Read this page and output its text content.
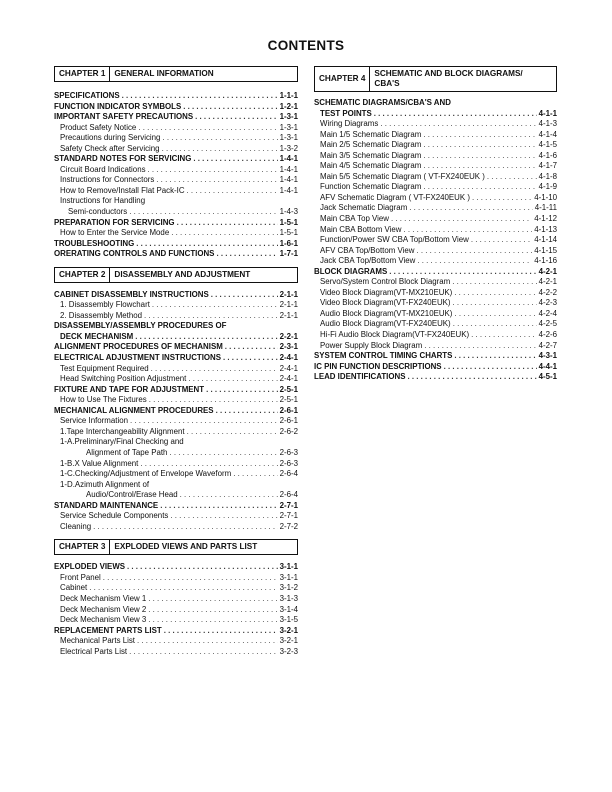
CONTENTS
CHAPTER 1	GENERAL INFORMATION
SPECIFICATIONS . . .	1-1-1
FUNCTION INDICATOR SYMBOLS . . .	1-2-1
IMPORTANT SAFETY PRECAUTIONS . . .	1-3-1
Product Safety Notice . . .	1-3-1
Precautions during Servicing . . .	1-3-1
Safety Check after Servicing . . .	1-3-2
STANDARD NOTES FOR SERVICING . . .	1-4-1
Circuit Board Indications . . .	1-4-1
Instructions for Connectors . . .	1-4-1
How to Remove/Install Flat Pack-IC . . .	1-4-1
Instructions for Handling
Semi-conductors . . .	1-4-3
PREPARATION FOR SERVICING . . .	1-5-1
How to Enter the Service Mode . . .	1-5-1
TROUBLESHOOTING . . .	1-6-1
ORERATING CONTROLS AND FUNCTIONS . . .	1-7-1
CHAPTER 2	DISASSEMBLY AND ADJUSTMENT
CABINET DISASSEMBLY INSTRUCTIONS . . .	2-1-1
1. Disassembly Flowchart . . .	2-1-1
2. Disassembly Method . . .	2-1-1
DISASSEMBLY/ASSEMBLY PROCEDURES OF
DECK MECHANISM . . .	2-2-1
ALIGNMENT PROCEDURES OF MECHANISM . . .	2-3-1
ELECTRICAL ADJUSTMENT INSTRUCTIONS . . .	2-4-1
Test Equipment Required . . .	2-4-1
Head Switching Position Adjustment . . .	2-4-1
FIXTURE AND TAPE FOR ADJUSTMENT . . .	2-5-1
How to Use The Fixtures . . .	2-5-1
MECHANICAL ALIGNMENT PROCEDURES . . .	2-6-1
Service Information . . .	2-6-1
1.Tape Interchangeability Alignment . . .	2-6-2
1-A.Preliminary/Final Checking and
Alignment of Tape Path . . .	2-6-3
1-B.X Value Alignment . . .	2-6-3
1-C.Checking/Adjustment of Envelope Waveform . . .	2-6-4
1-D.Azimuth Alignment of
Audio/Control/Erase Head . . .	2-6-4
STANDARD MAINTENANCE . . .	2-7-1
Service Schedule Components . . .	2-7-1
Cleaning . . .	2-7-2
CHAPTER 3	EXPLODED VIEWS AND PARTS LIST
EXPLODED VIEWS . . .	3-1-1
Front Panel . . .	3-1-1
Cabinet . . .	3-1-2
Deck Mechanism View 1 . . .	3-1-3
Deck Mechanism View 2 . . .	3-1-4
Deck Mechanism View 3 . . .	3-1-5
REPLACEMENT PARTS LIST . . .	3-2-1
Mechanical Parts List . . .	3-2-1
Electrical Parts List . . .	3-2-3
CHAPTER 4
SCHEMATIC AND BLOCK DIAGRAMS/
CBA'S
SCHEMATIC DIAGRAMS/CBA'S AND
TEST POINTS . . .	4-1-1
Wiring Diagrams . . .	4-1-3
Main 1/5 Schematic Diagram . . .	4-1-4
Main 2/5 Schematic Diagram . . .	4-1-5
Main 3/5 Schematic Diagram . . .	4-1-6
Main 4/5 Schematic Diagram . . .	4-1-7
Main 5/5 Schematic Diagram ( VT-FX240EUK ) . . .	4-1-8
Function Schematic Diagram . . .	4-1-9
AFV Schematic Diagram ( VT-FX240EUK ) . . .	4-1-10
Jack Schematic Diagram . . .	4-1-11
Main CBA Top View . . .	4-1-12
Main CBA Bottom View . . .	4-1-13
Function/Power SW CBA Top/Bottom View . . .	4-1-14
AFV CBA Top/Bottom View . . .	4-1-15
Jack CBA Top/Bottom View . . .	4-1-16
BLOCK DIAGRAMS . . .	4-2-1
Servo/System Control Block Diagram . . .	4-2-1
Video Block Diagram(VT-MX210EUK) . . .	4-2-2
Video Block Diagram(VT-FX240EUK) . . .	4-2-3
Audio Block Diagram(VT-MX210EUK) . . .	4-2-4
Audio Block Diagram(VT-FX240EUK) . . .	4-2-5
Hi-Fi Audio Block Diagram(VT-FX240EUK) . . .	4-2-6
Power Supply Block Diagram . . .	4-2-7
SYSTEM CONTROL TIMING CHARTS . . .	4-3-1
IC PIN FUNCTION DESCRIPTIONS . . .	4-4-1
LEAD IDENTIFICATIONS . . .	4-5-1
